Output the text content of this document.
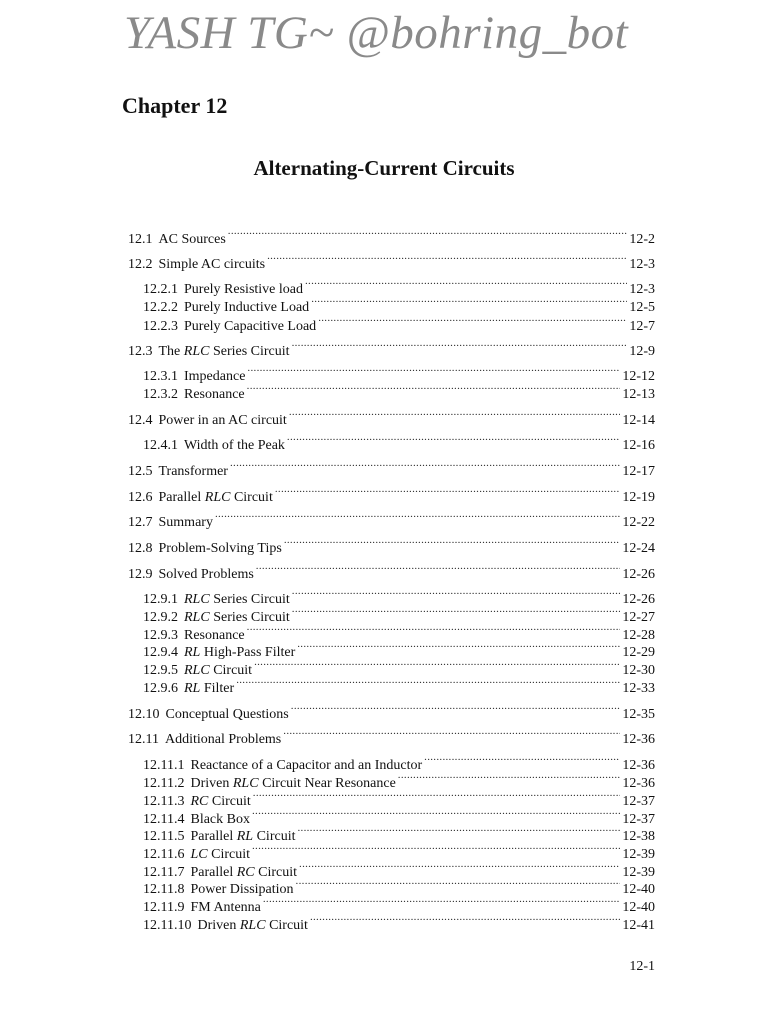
YASH TG~ @bohring_bot
Chapter 12
Alternating-Current Circuits
12.1 AC Sources .....	12-2
12.2 Simple AC circuits .....	12-3
12.2.1 Purely Resistive load .....	12-3
12.2.2 Purely Inductive Load .....	12-5
12.2.3 Purely Capacitive Load .....	12-7
12.3 The RLC Series Circuit .....	12-9
12.3.1 Impedance .....	12-12
12.3.2 Resonance .....	12-13
12.4 Power in an AC circuit .....	12-14
12.4.1 Width of the Peak .....	12-16
12.5 Transformer .....	12-17
12.6 Parallel RLC Circuit .....	12-19
12.7 Summary .....	12-22
12.8 Problem-Solving Tips .....	12-24
12.9 Solved Problems .....	12-26
12.9.1 RLC Series Circuit .....	12-26
12.9.2 RLC Series Circuit .....	12-27
12.9.3 Resonance .....	12-28
12.9.4 RL High-Pass Filter .....	12-29
12.9.5 RLC Circuit .....	12-30
12.9.6 RL Filter .....	12-33
12.10 Conceptual Questions .....	12-35
12.11 Additional Problems .....	12-36
12.11.1 Reactance of a Capacitor and an Inductor .....	12-36
12.11.2 Driven RLC Circuit Near Resonance .....	12-36
12.11.3 RC Circuit .....	12-37
12.11.4 Black Box .....	12-37
12.11.5 Parallel RL Circuit .....	12-38
12.11.6 LC Circuit .....	12-39
12.11.7 Parallel RC Circuit .....	12-39
12.11.8 Power Dissipation .....	12-40
12.11.9 FM Antenna .....	12-40
12.11.10 Driven RLC Circuit .....	12-41
12-1
